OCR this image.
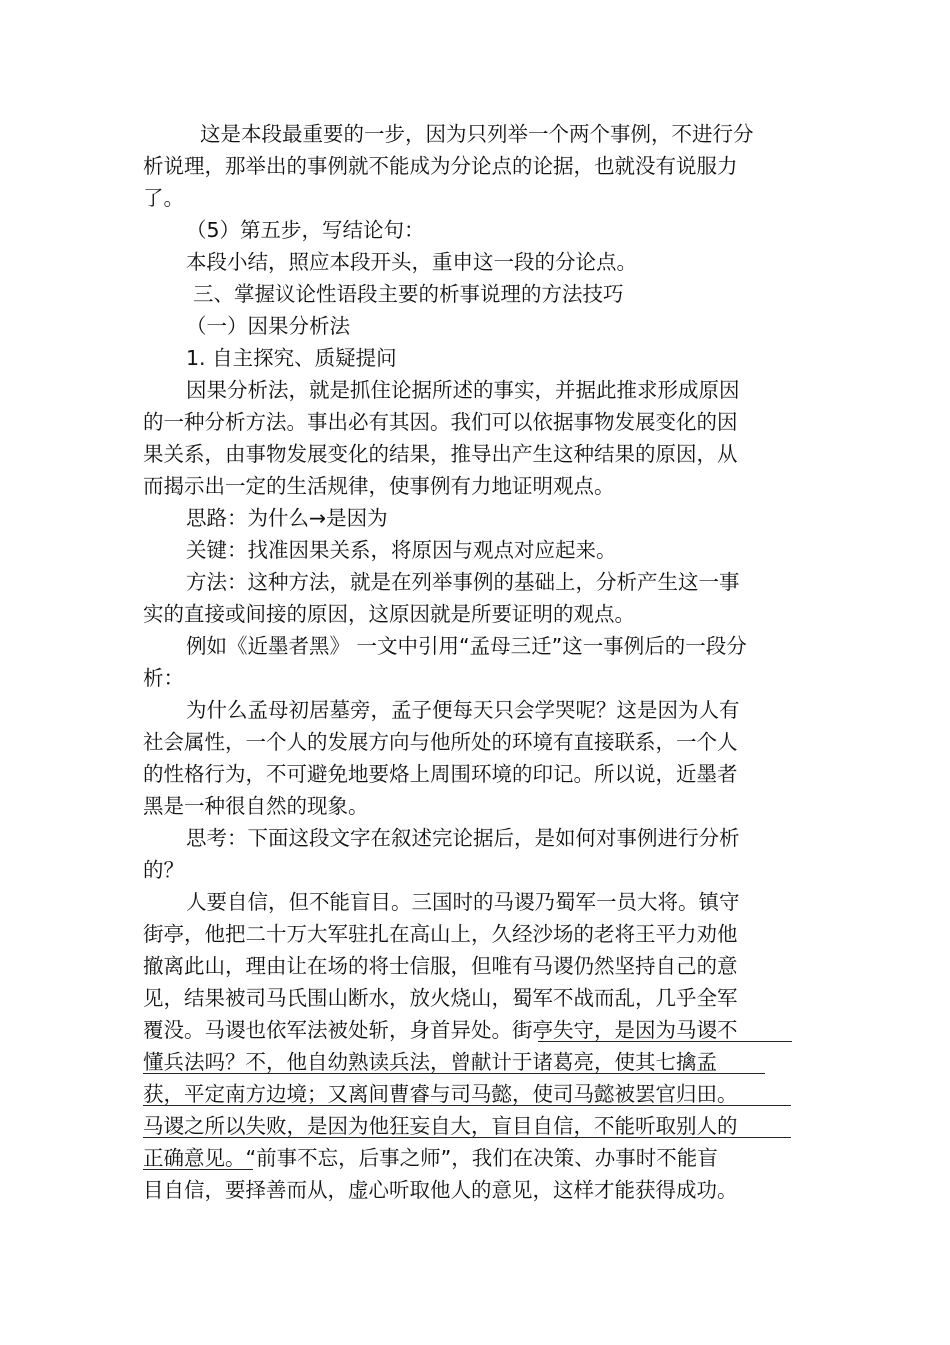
这是本段最重要的一步，因为只列举一个两个事例，不进行分
析说理，那举出的事例就不能成为分论点的论据，也就没有说服力
了。
（5）第五步，写结论句：
本段小结，照应本段开头，重申这一段的分论点。
三、掌握议论性语段主要的析事说理的方法技巧
（一）因果分析法
1. 自主探究、质疑提问
因果分析法，就是抓住论据所述的事实，并据此推求形成原因
的一种分析方法。事出必有其因。我们可以依据事物发展变化的因
果关系，由事物发展变化的结果，推导出产生这种结果的原因，从
而揭示出一定的生活规律，使事例有力地证明观点。
思路：为什么→是因为
关键：找准因果关系，将原因与观点对应起来。
方法：这种方法，就是在列举事例的基础上，分析产生这一事
实的直接或间接的原因，这原因就是所要证明的观点。
例如《近墨者黑》 一文中引用“孟母三迁”这一事例后的一段分
析：
为什么孟母初居墓旁，孟子便每天只会学哭呢？这是因为人有
社会属性，一个人的发展方向与他所处的环境有直接联系，一个人
的性格行为，不可避免地要烙上周围环境的印记。所以说，近墨者
黑是一种很自然的现象。
思考：下面这段文字在叙述完论据后，是如何对事例进行分析
的？
人要自信，但不能盲目。三国时的马谡乃蜀军一员大将。镇守
街亭，他把二十万大军驻扎在高山上，久经沙场的老将王平力劝他
撤离此山，理由让在场的将士信服，但唯有马谡仍然坚持自己的意
见，结果被司马氏围山断水，放火烧山，蜀军不战而乱，几乎全军
覆没。马谡也依军法被处斩，身首异处。街亭失守，是因为马谡不
懂兵法吗？不，他自幼熟读兵法，曾献计于诸葛亮，使其七擒孟
获，平定南方边境；又离间曹睿与司马懿，使司马懿被罢官归田。
马谡之所以失败，是因为他狂妄自大，盲目自信，不能听取别人的
正确意见。“前事不忘，后事之师”，我们在决策、办事时不能盲
目自信，要择善而从，虚心听取他人的意见，这样才能获得成功。
